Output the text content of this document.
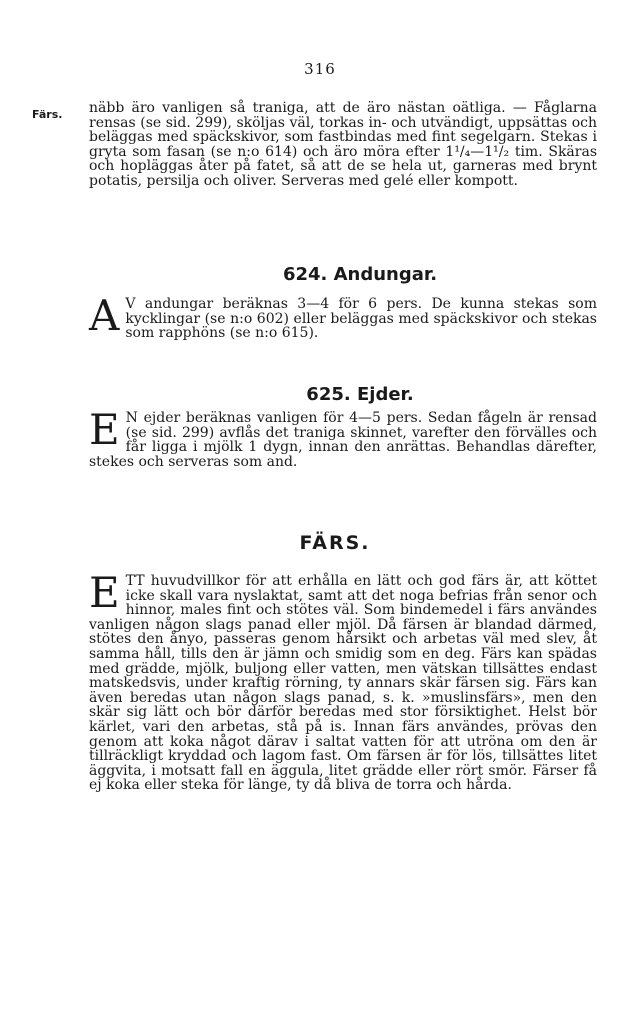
316
Färs. näbb äro vanligen så traniga, att de äro nästan oätliga. — Fåglarna rensas (se sid. 299), sköljas väl, torkas in- och utvändigt, uppsättas och beläggas med späckskivor, som fastbindas med fint segelgarn. Stekas i gryta som fasan (se n:o 614) och äro möra efter 1¹/₄—1¹/₂ tim. Skäras och hopläggas åter på fatet, så att de se hela ut, garneras med brynt potatis, persilja och oliver. Serveras med gelé eller kompott.

624. Andungar.

A V andungar beräknas 3—4 för 6 pers. De kunna stekas som kycklingar (se n:o 602) eller beläggas med späckskivor och stekas som rapphöns (se n:o 615).

625. Ejder.

E N ejder beräknas vanligen för 4—5 pers. Sedan fågeln är rensad (se sid. 299) avflås det traniga skinnet, varefter den förvälles och får ligga i mjölk 1 dygn, innan den anrättas. Behandlas därefter, stekes och serveras som and.

FÄRS.

ETT huvudvillkor för att erhålla en lätt och god färs är, att köttet icke skall vara nyslaktat, samt att det noga befrias från senor och hinnor, males fint och stötes väl. Som bindemedel i färs användes vanligen någon slags panad eller mjöl. Då färsen är blandad därmed, stötes den ånyo, passeras genom hårsikt och arbetas väl med slev, åt samma håll, tills den är jämn och smidig som en deg. Färs kan spädas med grädde, mjölk, buljong eller vatten, men vätskan tillsättes endast matskedsvis, under kraftig rörning, ty annars skär färsen sig. Färs kan även beredas utan någon slags panad, s. k. »muslinsfärs», men den skär sig lätt och bör därför beredas med stor försiktighet. Helst bör kärlet, vari den arbetas, stå på is. Innan färs användes, prövas den genom att koka något därav i saltat vatten för att utröna om den är tillräckligt kryddad och lagom fast. Om färsen är för lös, tillsättes litet äggvita, i motsatt fall en äggula, litet grädde eller rört smör. Färser få ej koka eller steka för länge, ty då bliva de torra och hårda.
